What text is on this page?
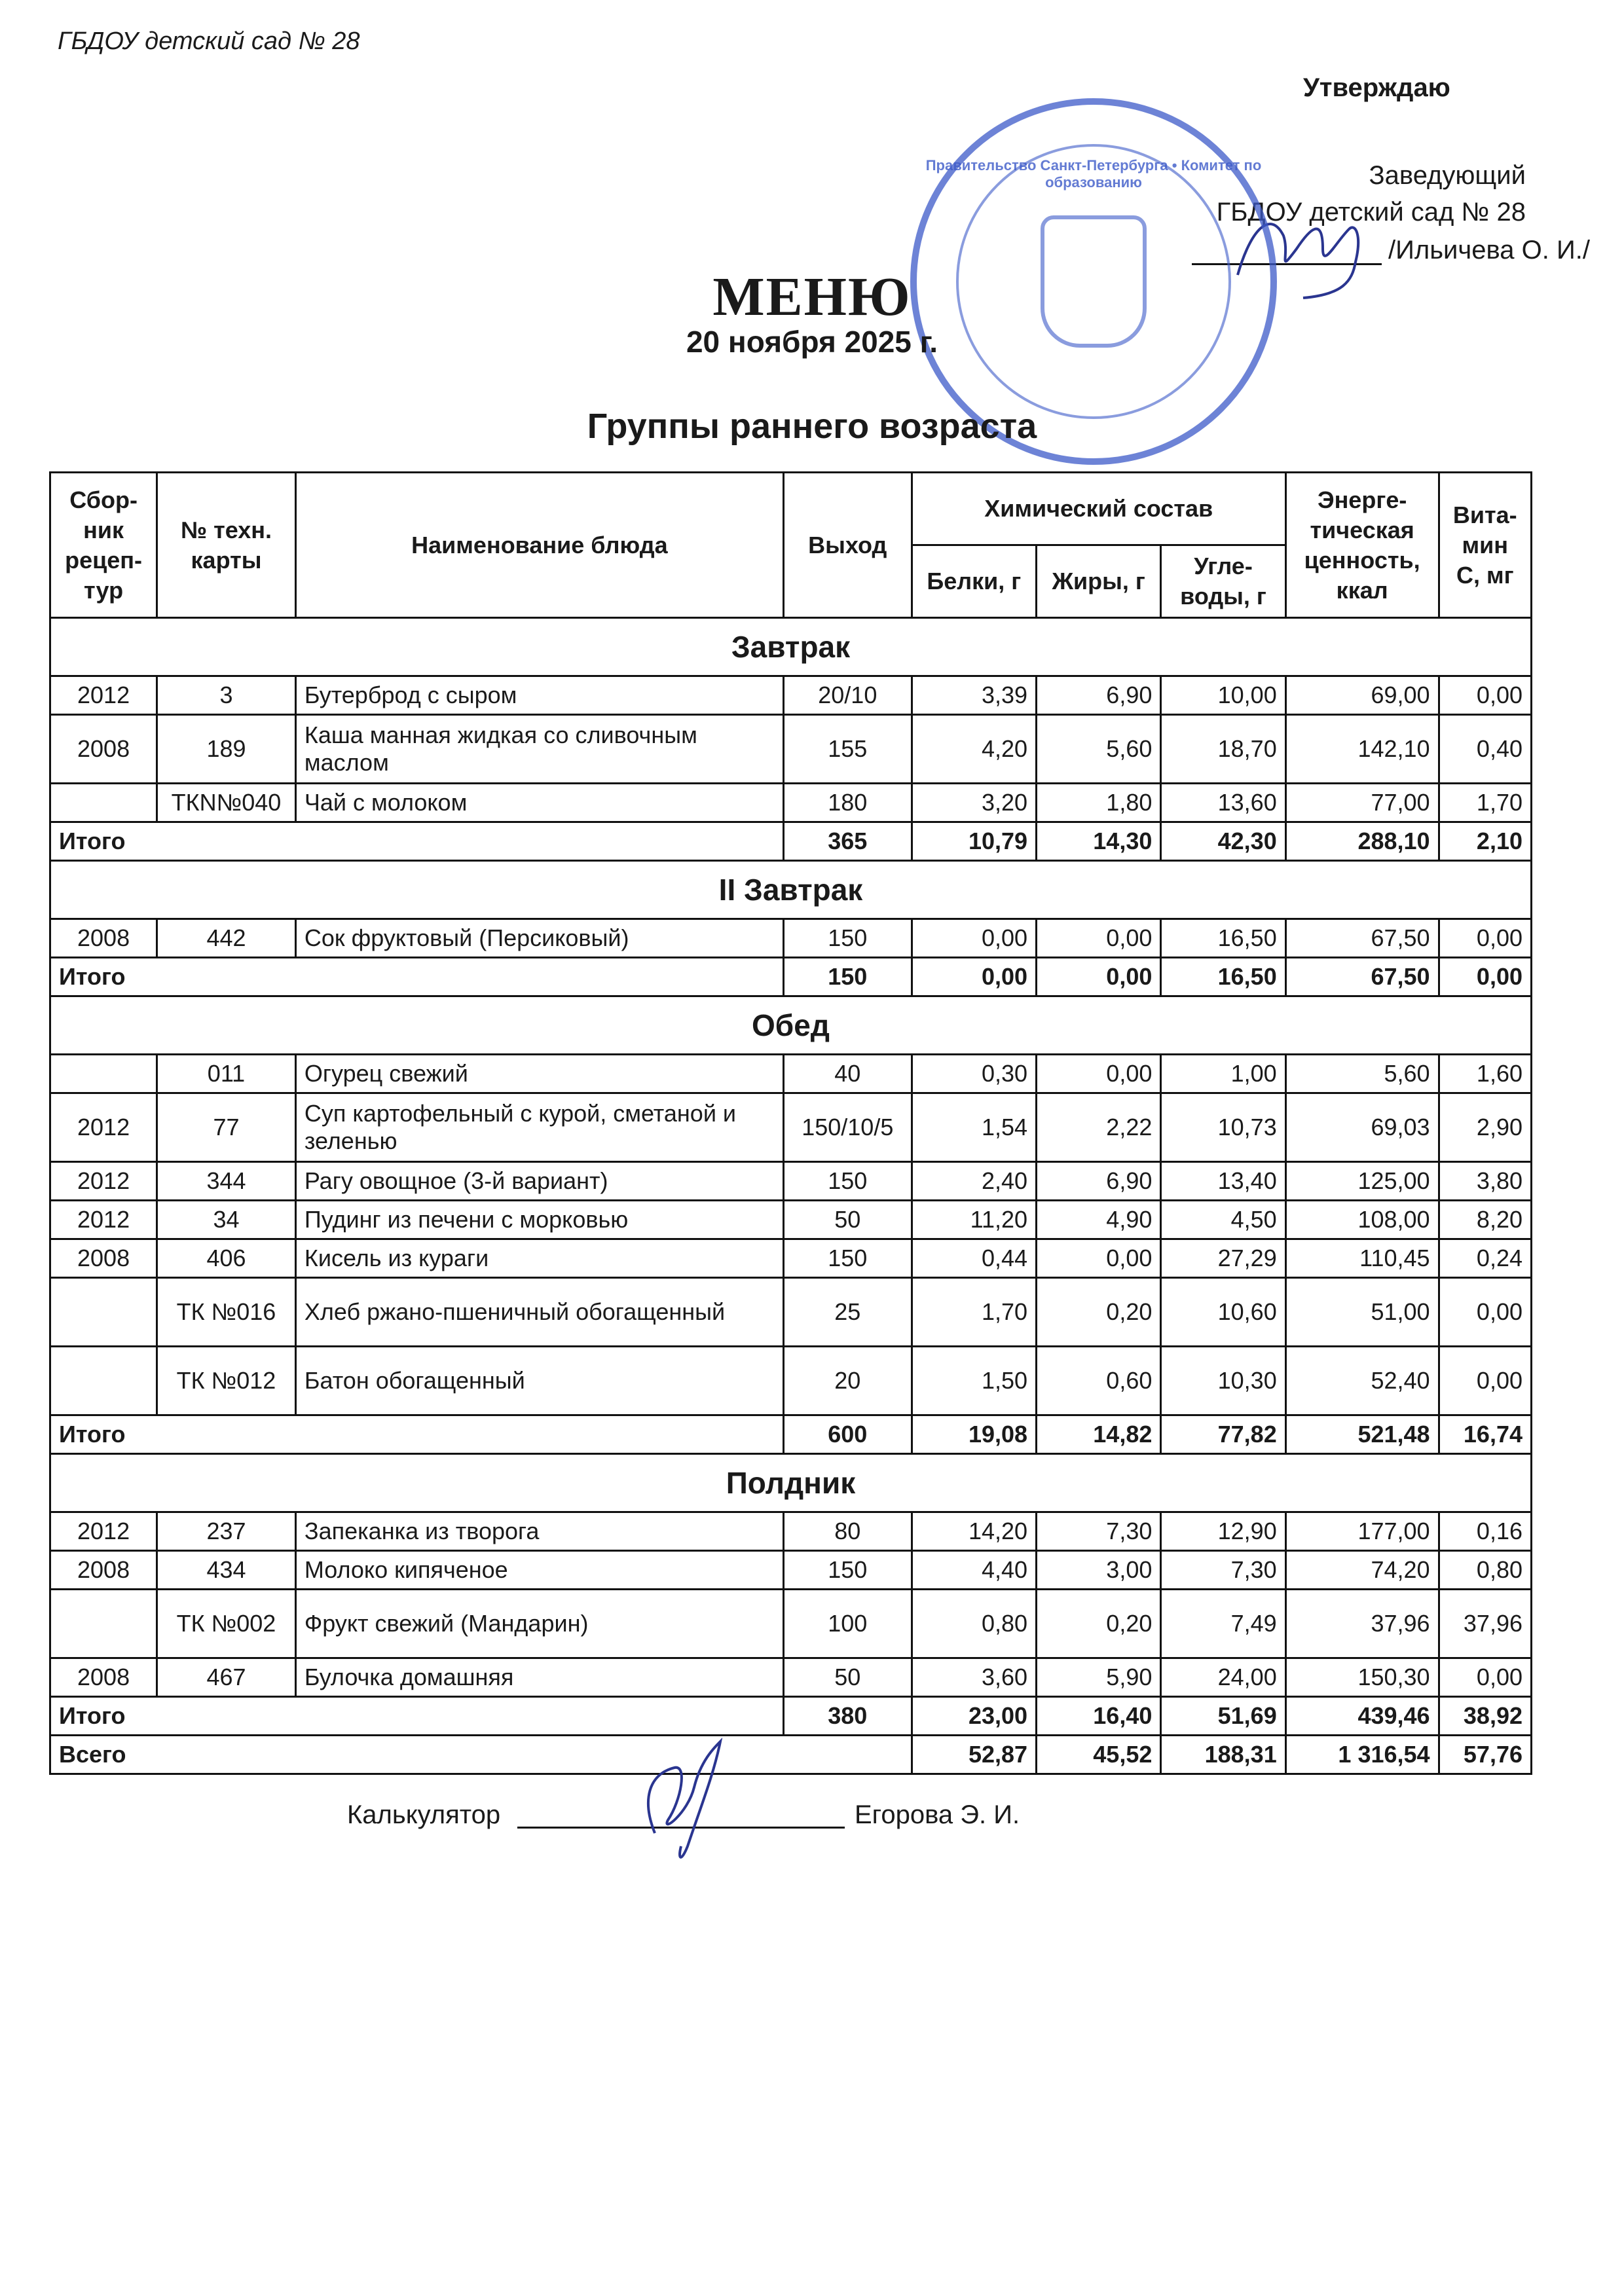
ГБДОУ детский сад № 28
Утверждаю
Заведующий
ГБДОУ детский сад № 28
/Ильичева О. И./
Правительство Санкт-Петербурга • Комитет по образованию
МЕНЮ
20 ноября 2025 г.
Группы раннего возраста
Сбор-ник рецеп-тур	№ техн. карты	Наименование блюда	Выход	Химический состав			Энерге-тическая ценность, ккал	Вита-мин С, мг
				Белки, г	Жиры, г	Угле-воды, г		
Завтрак								
2012	3	Бутерброд с сыром	20/10	3,39	6,90	10,00	69,00	0,00
2008	189	Каша манная жидкая со сливочным маслом	155	4,20	5,60	18,70	142,10	0,40
	ТКN№040	Чай с молоком	180	3,20	1,80	13,60	77,00	1,70
Итого			365	10,79	14,30	42,30	288,10	2,10
II Завтрак								
2008	442	Сок фруктовый (Персиковый)	150	0,00	0,00	16,50	67,50	0,00
Итого			150	0,00	0,00	16,50	67,50	0,00
Обед								
	011	Огурец свежий	40	0,30	0,00	1,00	5,60	1,60
2012	77	Суп картофельный с курой, сметаной и зеленью	150/10/5	1,54	2,22	10,73	69,03	2,90
2012	344	Рагу овощное (3-й вариант)	150	2,40	6,90	13,40	125,00	3,80
2012	34	Пудинг из печени с морковью	50	11,20	4,90	4,50	108,00	8,20
2008	406	Кисель из кураги	150	0,44	0,00	27,29	110,45	0,24
	ТК №016	Хлеб ржано-пшеничный обогащенный	25	1,70	0,20	10,60	51,00	0,00
	ТК №012	Батон обогащенный	20	1,50	0,60	10,30	52,40	0,00
Итого			600	19,08	14,82	77,82	521,48	16,74
Полдник								
2012	237	Запеканка из творога	80	14,20	7,30	12,90	177,00	0,16
2008	434	Молоко кипяченое	150	4,40	3,00	7,30	74,20	0,80
	ТК №002	Фрукт свежий (Мандарин)	100	0,80	0,20	7,49	37,96	37,96
2008	467	Булочка домашняя	50	3,60	5,90	24,00	150,30	0,00
Итого			380	23,00	16,40	51,69	439,46	38,92
Всего				52,87	45,52	188,31	1 316,54	57,76
Калькулятор	Егорова Э. И.
